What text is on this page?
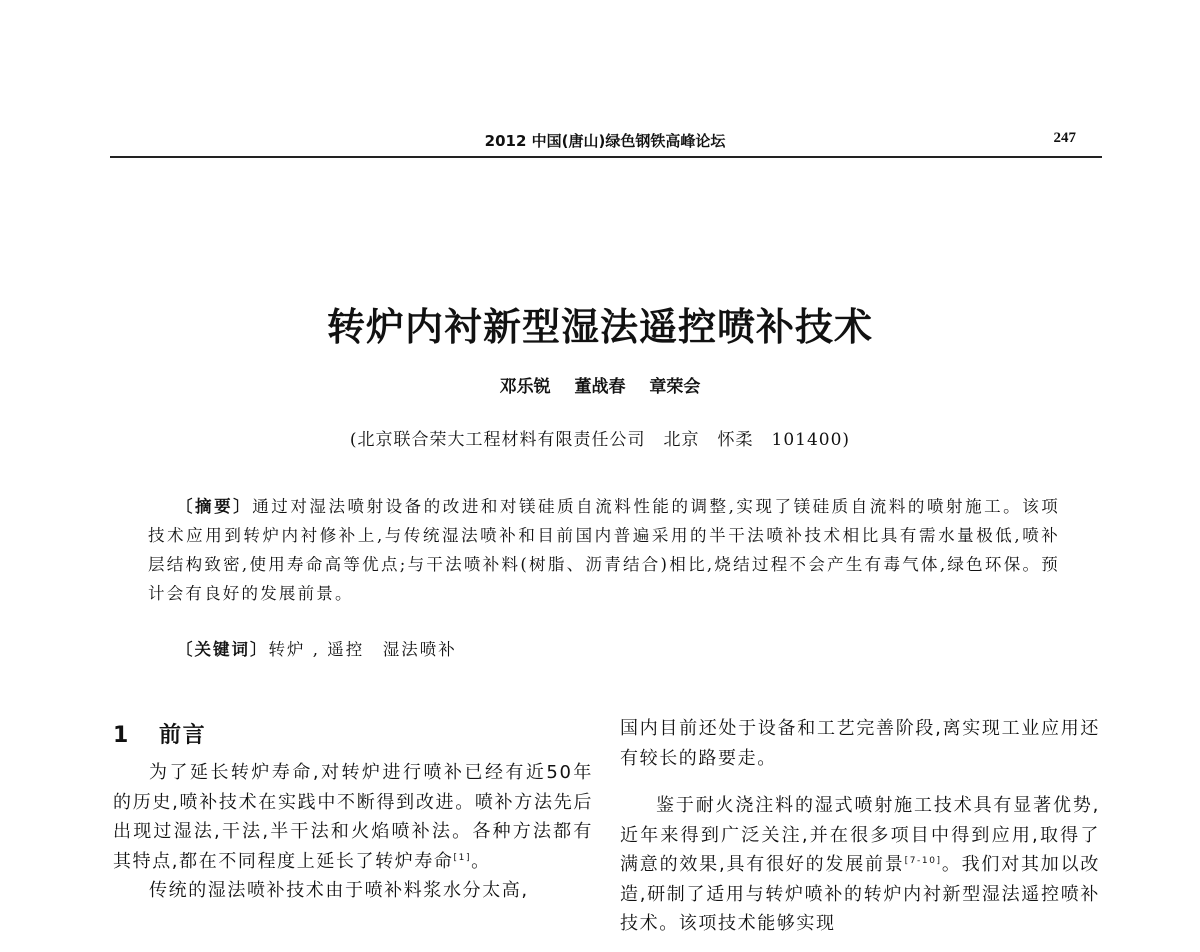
2012 中国(唐山)绿色钢铁高峰论坛	247
转炉内衬新型湿法遥控喷补技术
邓乐锐 董战春 章荣会
(北京联合荣大工程材料有限责任公司　北京　怀柔　101400)
〔摘要〕通过对湿法喷射设备的改进和对镁硅质自流料性能的调整,实现了镁硅质自流料的喷射施工。该项技术应用到转炉内衬修补上,与传统湿法喷补和目前国内普遍采用的半干法喷补技术相比具有需水量极低,喷补层结构致密,使用寿命高等优点;与干法喷补料(树脂、沥青结合)相比,烧结过程不会产生有毒气体,绿色环保。预计会有良好的发展前景。
〔关键词〕转炉 , 遥控　湿法喷补
1 前言

为了延长转炉寿命,对转炉进行喷补已经有近50年的历史,喷补技术在实践中不断得到改进。喷补方法先后出现过湿法,干法,半干法和火焰喷补法。各种方法都有其特点,都在不同程度上延长了转炉寿命[1]。

传统的湿法喷补技术由于喷补料浆水分太高,

国内目前还处于设备和工艺完善阶段,离实现工业应用还有较长的路要走。

鉴于耐火浇注料的湿式喷射施工技术具有显著优势,近年来得到广泛关注,并在很多项目中得到应用,取得了满意的效果,具有很好的发展前景[7-10]。我们对其加以改造,研制了适用与转炉喷补的转炉内衬新型湿法遥控喷补技术。该项技术能够实现
